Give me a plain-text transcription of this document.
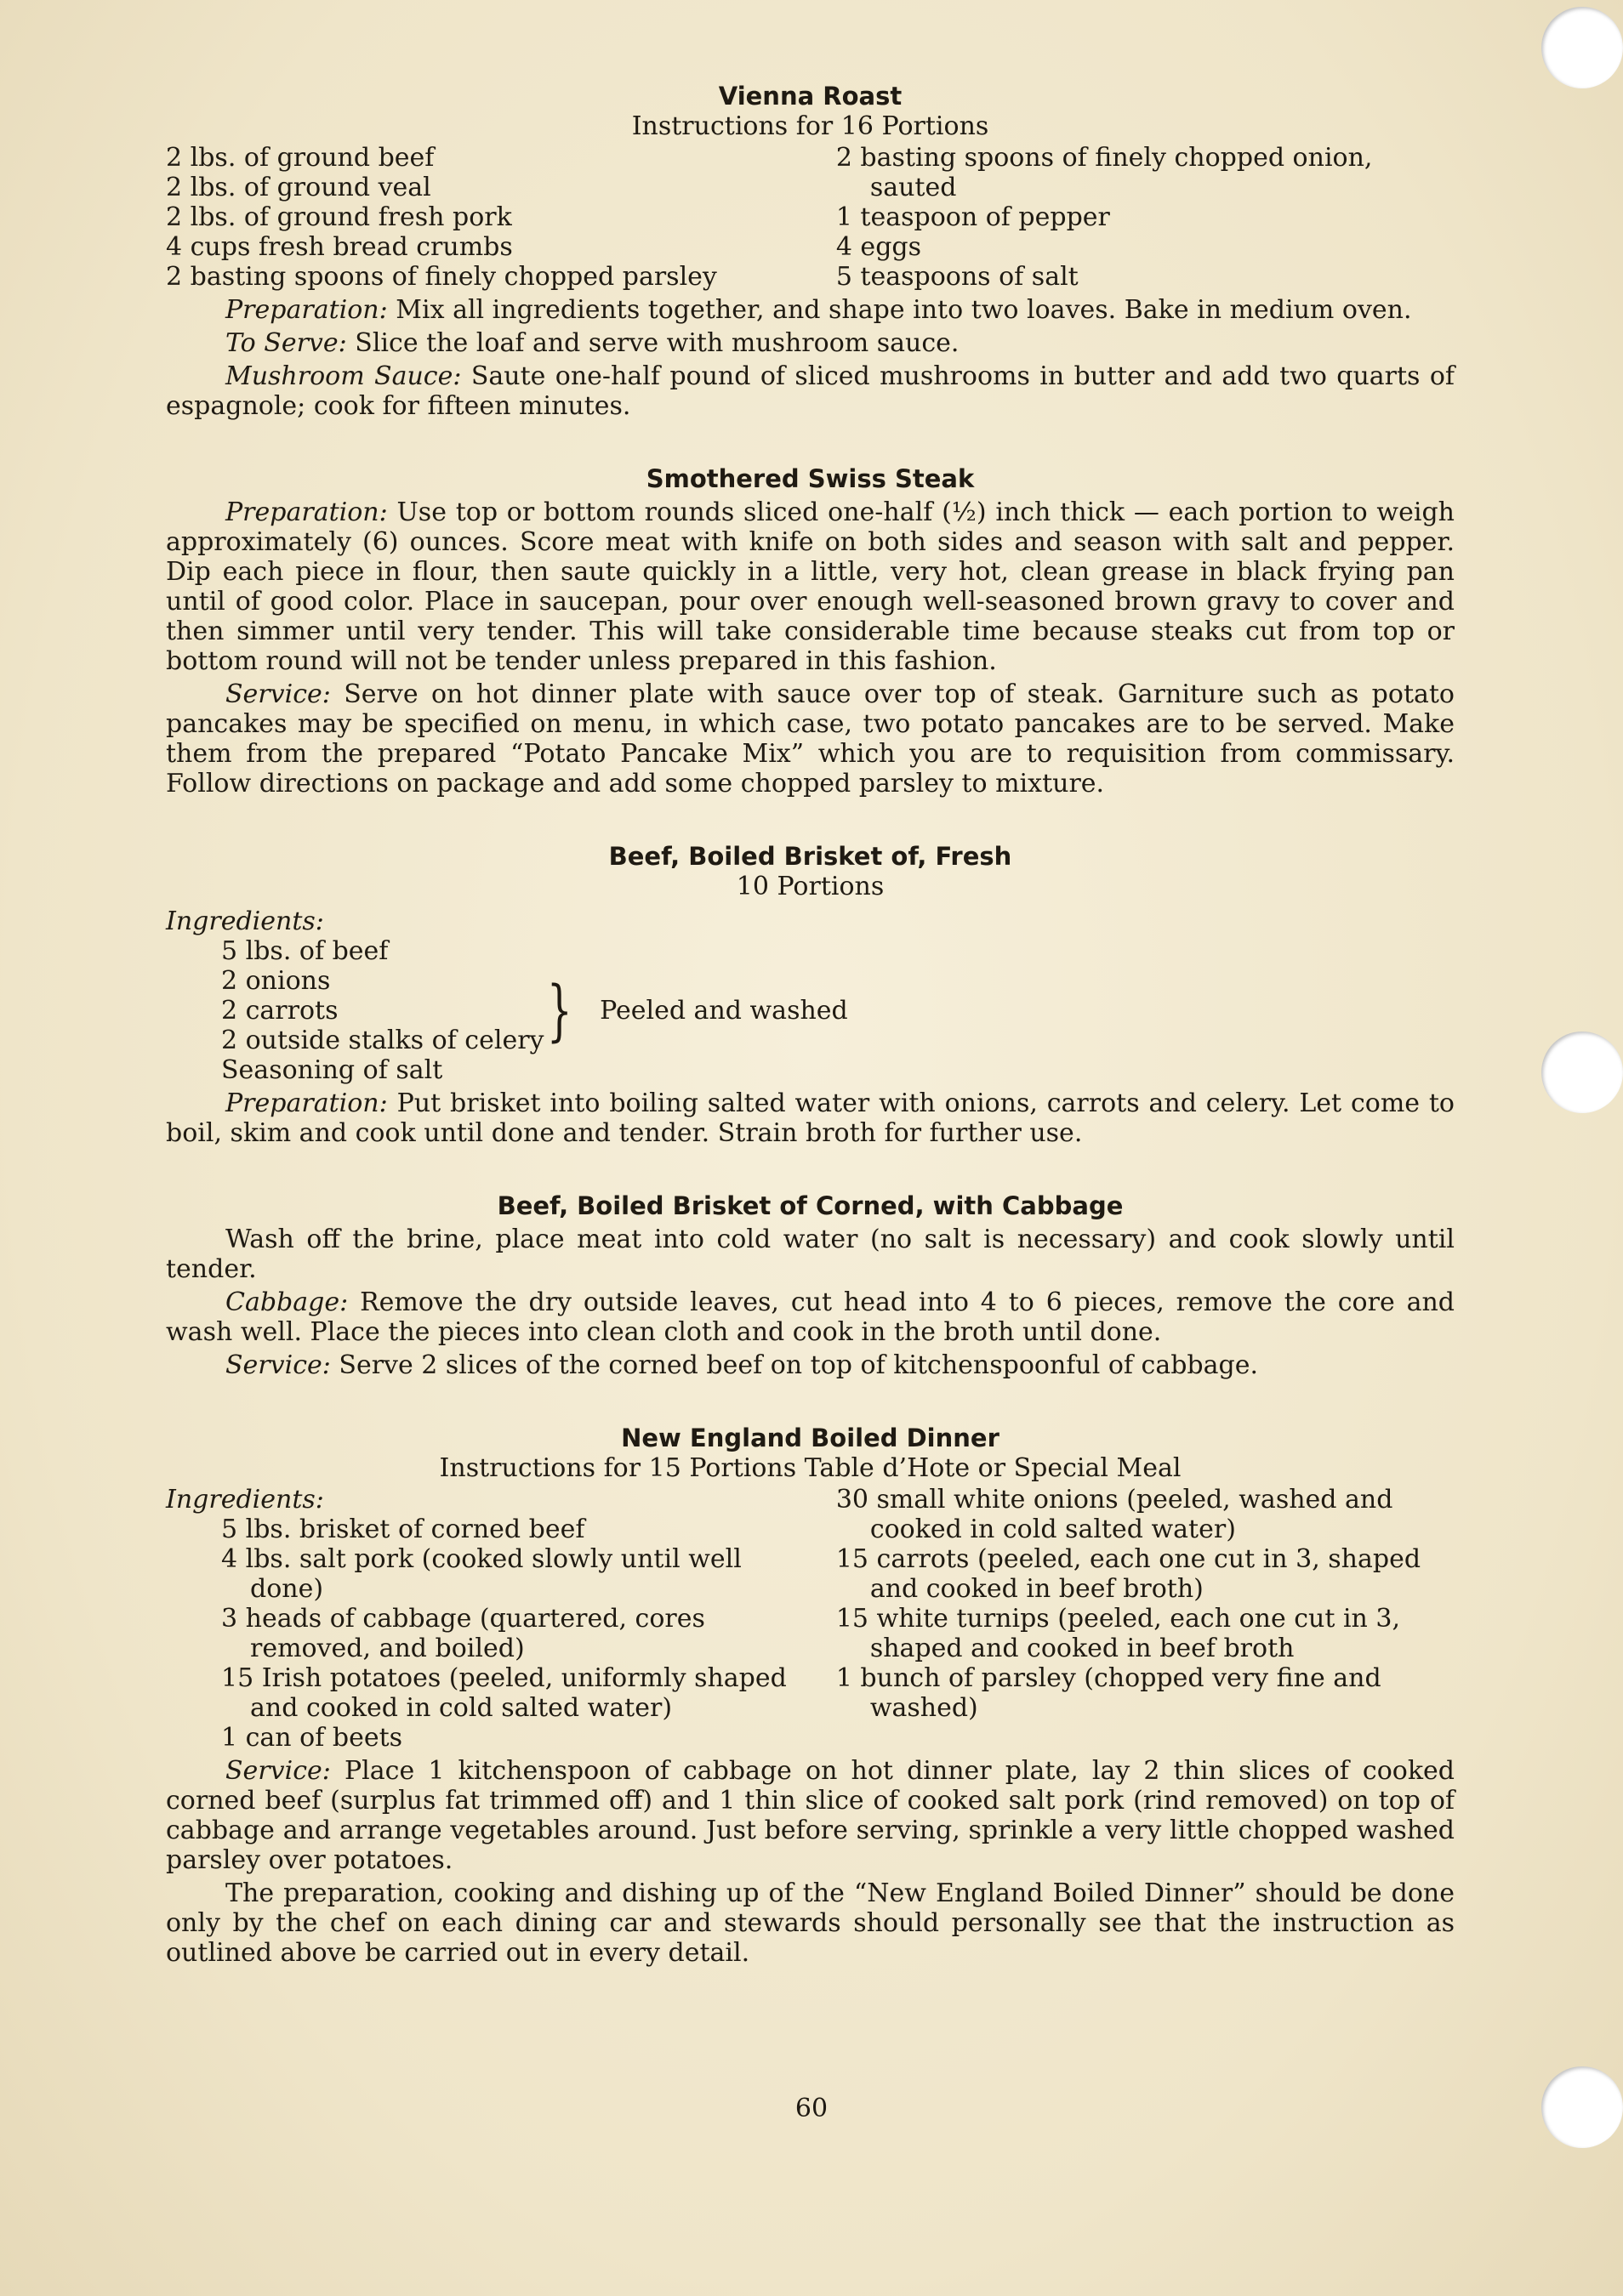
Vienna Roast
Instructions for 16 Portions
2 lbs. of ground beef
2 lbs. of ground veal
2 lbs. of ground fresh pork
4 cups fresh bread crumbs
2 basting spoons of finely chopped parsley
2 basting spoons of finely chopped onion, sauted
1 teaspoon of pepper
4 eggs
5 teaspoons of salt

Preparation: Mix all ingredients together, and shape into two loaves. Bake in medium oven.

To Serve: Slice the loaf and serve with mushroom sauce.

Mushroom Sauce: Saute one-half pound of sliced mushrooms in butter and add two quarts of espagnole; cook for fifteen minutes.

Smothered Swiss Steak

Preparation: Use top or bottom rounds sliced one-half (½) inch thick — each portion to weigh approximately (6) ounces. Score meat with knife on both sides and season with salt and pepper. Dip each piece in flour, then saute quickly in a little, very hot, clean grease in black frying pan until of good color. Place in saucepan, pour over enough well-seasoned brown gravy to cover and then simmer until very tender. This will take considerable time because steaks cut from top or bottom round will not be tender unless prepared in this fashion.

Service: Serve on hot dinner plate with sauce over top of steak. Garniture such as potato pancakes may be specified on menu, in which case, two potato pancakes are to be served. Make them from the prepared “Potato Pancake Mix” which you are to requisition from commissary. Follow directions on package and add some chopped parsley to mixture.

Beef, Boiled Brisket of, Fresh
10 Portions
Ingredients:
5 lbs. of beef
2 onions
2 carrots
2 outside stalks of celery } Peeled and washed
Seasoning of salt

Preparation: Put brisket into boiling salted water with onions, carrots and celery. Let come to boil, skim and cook until done and tender. Strain broth for further use.

Beef, Boiled Brisket of Corned, with Cabbage

Wash off the brine, place meat into cold water (no salt is necessary) and cook slowly until tender.

Cabbage: Remove the dry outside leaves, cut head into 4 to 6 pieces, remove the core and wash well. Place the pieces into clean cloth and cook in the broth until done.

Service: Serve 2 slices of the corned beef on top of kitchenspoonful of cabbage.

New England Boiled Dinner
Instructions for 15 Portions Table d’Hote or Special Meal
Ingredients:
5 lbs. brisket of corned beef
4 lbs. salt pork (cooked slowly until well done)
3 heads of cabbage (quartered, cores removed, and boiled)
15 Irish potatoes (peeled, uniformly shaped and cooked in cold salted water)
1 can of beets
30 small white onions (peeled, washed and cooked in cold salted water)
15 carrots (peeled, each one cut in 3, shaped and cooked in beef broth)
15 white turnips (peeled, each one cut in 3, shaped and cooked in beef broth
1 bunch of parsley (chopped very fine and washed)

Service: Place 1 kitchenspoon of cabbage on hot dinner plate, lay 2 thin slices of cooked corned beef (surplus fat trimmed off) and 1 thin slice of cooked salt pork (rind removed) on top of cabbage and arrange vegetables around. Just before serving, sprinkle a very little chopped washed parsley over potatoes.

The preparation, cooking and dishing up of the “New England Boiled Dinner” should be done only by the chef on each dining car and stewards should personally see that the instruction as outlined above be carried out in every detail.

60
